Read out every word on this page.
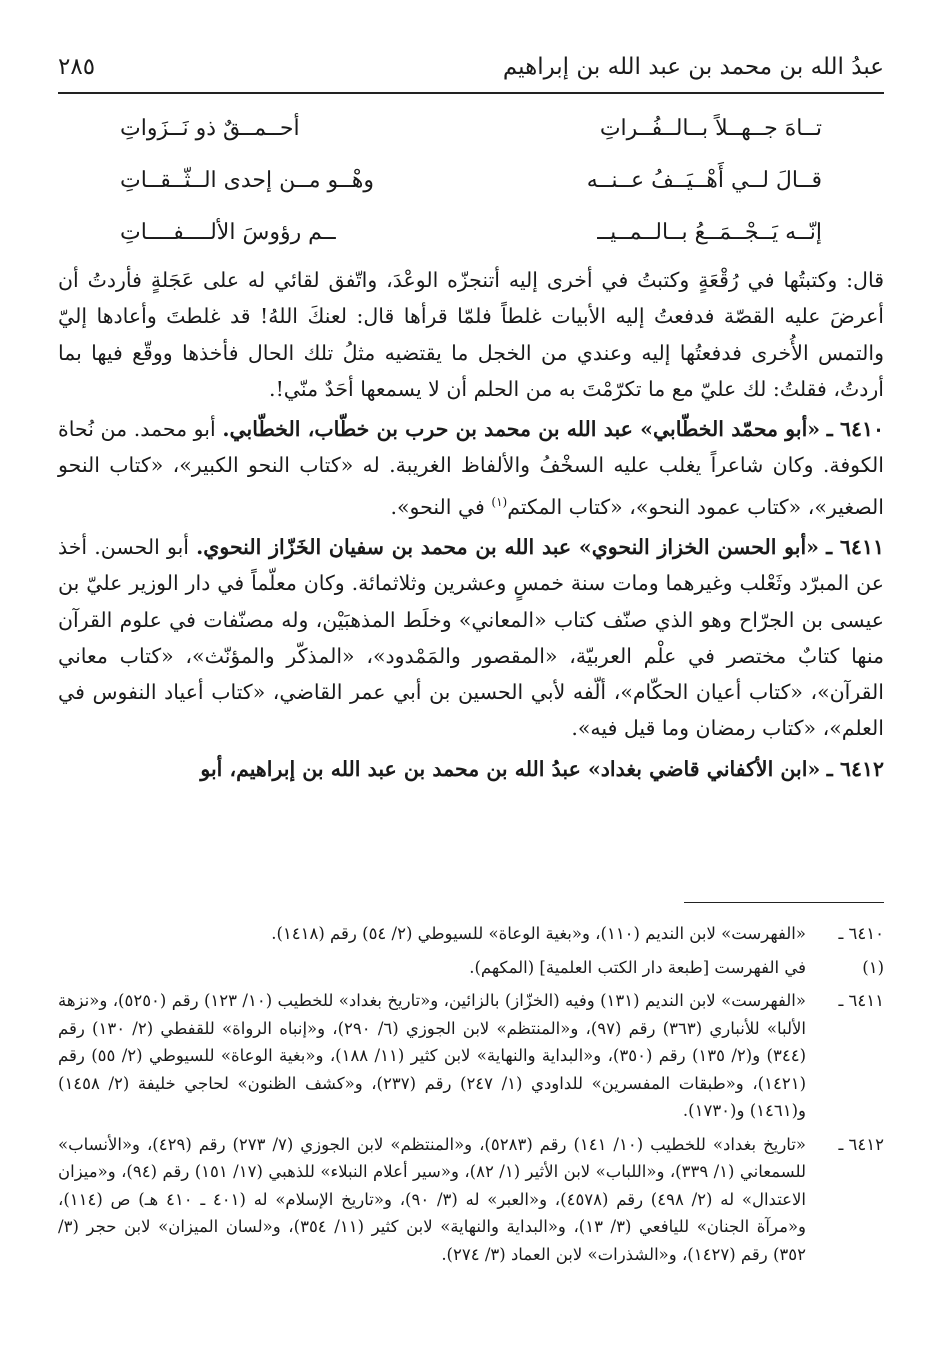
عبدُ الله بن محمد بن عبد الله بن إبراهيم
٢٨٥
تــاهَ جــهــلاً بــالــفُــراتِ
أحــمــقٌ ذو نَــزَواتِ
قــالَ لــي أَهْــيَــفُ عــنــه
وهْــو مــن إحدى الــثّــقــاتِ
إنّــه يَــجْــمَــعُ بــالــمــيــ
ــم رؤوسَ الألــــفــــاتِ

قال: وكتبتُها في رُقْعَةٍ وكتبتُ في أخرى إليه أتنجزّه الوعْدَ، واتّفق لقائي له على عَجَلةٍ فأردتُ أن أعرضَ عليه القصّة فدفعتُ إليه الأبيات غلطاً فلمّا قرأها قال: لعنكَ اللهُ! قد غلطتَ وأعادها إليّ والتمس الأُخرى فدفعتُها إليه وعندي من الخجل ما يقتضيه مثلُ تلك الحال فأخذها ووقّع فيها بما أردتُ، فقلتُ: لك عليّ مع ما تكرّمْتَ به من الحلم أن لا يسمعها أحَدٌ منّي!.

٦٤١٠ ـ «أبو محمّد الخطّابي» عبد الله بن محمد بن حرب بن خطّاب، الخطّابي. أبو محمد. من نُحاة الكوفة. وكان شاعراً يغلب عليه السخْفُ والألفاظ الغريبة. له «كتاب النحو الكبير»، «كتاب النحو الصغير»، «كتاب عمود النحو»، «كتاب المكتم$^{(١)}$ في النحو».

٦٤١١ ـ «أبو الحسن الخزاز النحوي» عبد الله بن محمد بن سفيان الخَزّاز النحوي. أبو الحسن. أخذ عن المبرّد وثَعْلب وغيرهما ومات سنة خمسٍ وعشرين وثلاثمائة. وكان معلّماً في دار الوزير عليّ بن عيسى بن الجرّاح وهو الذي صنّف كتاب «المعاني» وخلَط المذهبَيْن، وله مصنّفات في علوم القرآن منها كتابٌ مختصر في علْم العربيّة، «المقصور والمَمْدود»، «المذكّر والمؤنّث»، «كتاب معاني القرآن»، «كتاب أعيان الحكّام»، ألّفه لأبي الحسين بن أبي عمر القاضي، «كتاب أعياد النفوس في العلم»، «كتاب رمضان وما قيل فيه».

٦٤١٢ ـ «ابن الأكفاني قاضي بغداد» عبدُ الله بن محمد بن عبد الله بن إبراهيم، أبو

٦٤١٠ ـ
«الفهرست» لابن النديم (١١٠)، و«بغية الوعاة» للسيوطي (٢/ ٥٤) رقم (١٤١٨).
(١)
في الفهرست [طبعة دار الكتب العلمية] (المكهم).
٦٤١١ ـ
«الفهرست» لابن النديم (١٣١) وفيه (الخزّاز) بالزائين، و«تاريخ بغداد» للخطيب (١٠/ ١٢٣) رقم (٥٢٥٠)، و«نزهة الألبا» للأنباري (٣٦٣) رقم (٩٧)، و«المنتظم» لابن الجوزي (٦/ ٢٩٠)، و«إنباه الرواة» للقفطي (٢/ ١٣٠) رقم (٣٤٤) و(٢/ ١٣٥) رقم (٣٥٠)، و«البداية والنهاية» لابن كثير (١١/ ١٨٨)، و«بغية الوعاة» للسيوطي (٢/ ٥٥) رقم (١٤٢١)، و«طبقات المفسرين» للداودي (١/ ٢٤٧) رقم (٢٣٧)، و«كشف الظنون» لحاجي خليفة (٢/ ١٤٥٨) و(١٤٦١) و(١٧٣٠).
٦٤١٢ ـ
«تاريخ بغداد» للخطيب (١٠/ ١٤١) رقم (٥٢٨٣)، و«المنتظم» لابن الجوزي (٧/ ٢٧٣) رقم (٤٢٩)، و«الأنساب» للسمعاني (١/ ٣٣٩)، و«اللباب» لابن الأثير (١/ ٨٢)، و«سير أعلام النبلاء» للذهبي (١٧/ ١٥١) رقم (٩٤)، و«ميزان الاعتدال» له (٢/ ٤٩٨) رقم (٤٥٧٨)، و«العبر» له (٣/ ٩٠)، و«تاريخ الإسلام» له (٤٠١ ـ ٤١٠ هـ) ص (١١٤)، و«مرآة الجنان» لليافعي (٣/ ١٣)، و«البداية والنهاية» لابن كثير (١١/ ٣٥٤)، و«لسان الميزان» لابن حجر (٣/ ٣٥٢) رقم (١٤٢٧)، و«الشذرات» لابن العماد (٣/ ٢٧٤).
